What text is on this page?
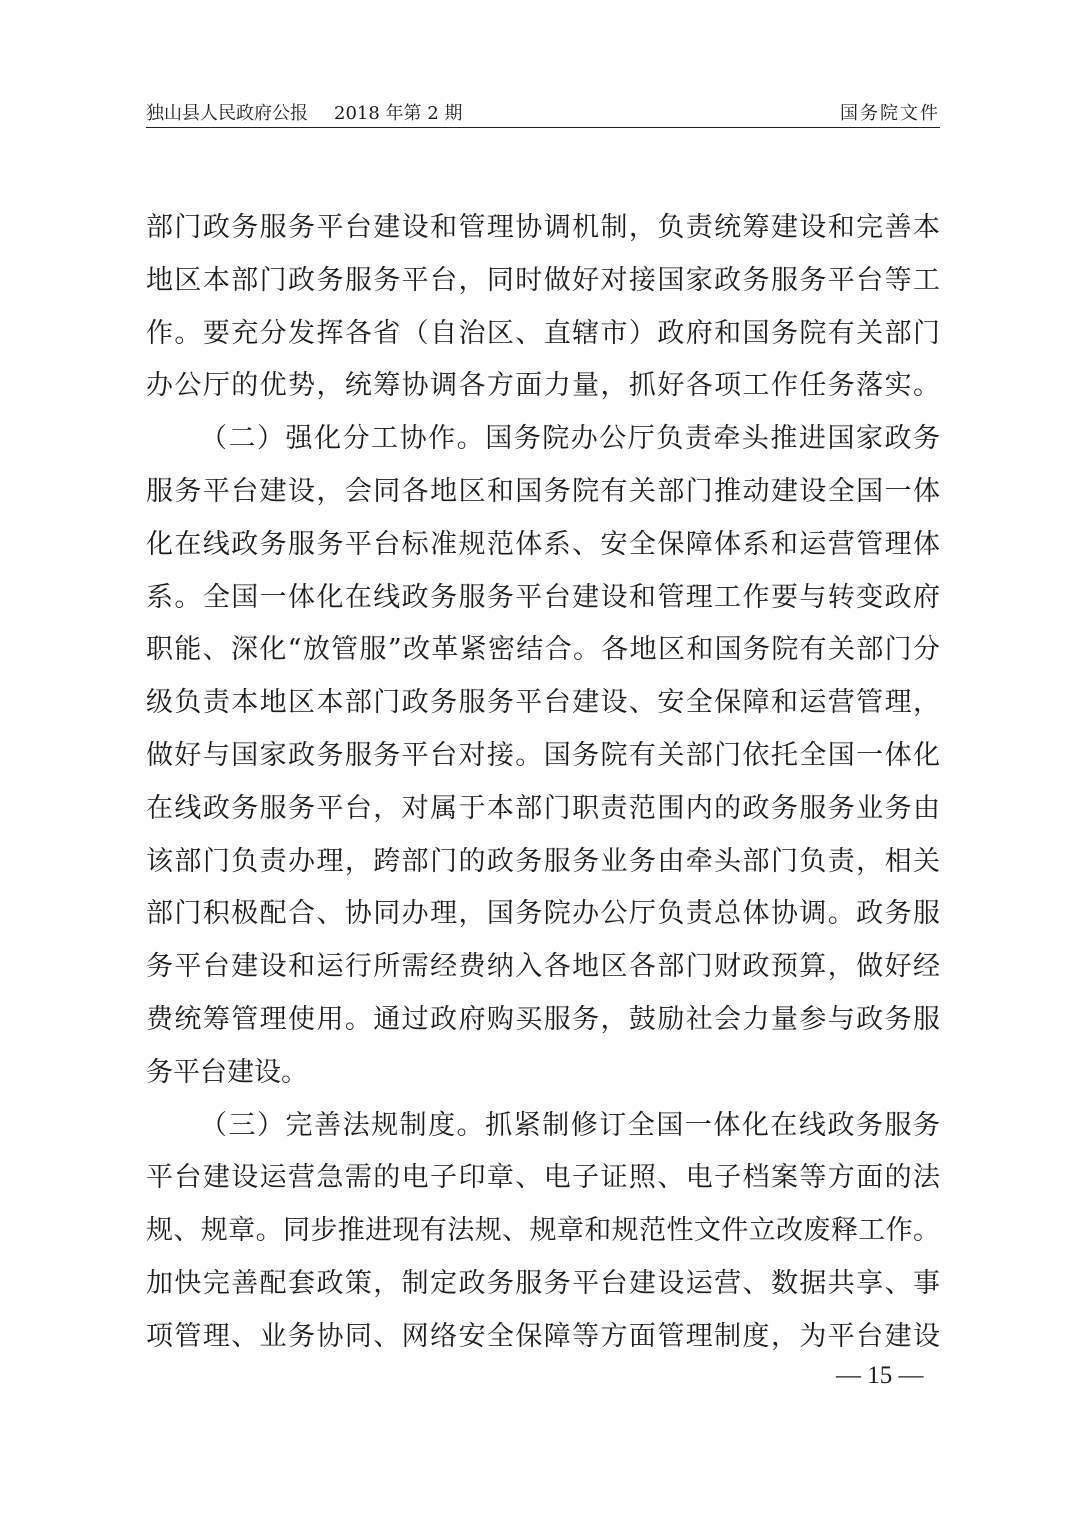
独山县人民政府公报 2018 年第 2 期	国务院文件
部门政务服务平台建设和管理协调机制，负责统筹建设和完善本
地区本部门政务服务平台，同时做好对接国家政务服务平台等工
作。要充分发挥各省（自治区、直辖市）政府和国务院有关部门
办公厅的优势，统筹协调各方面力量，抓好各项工作任务落实。
（二）强化分工协作。国务院办公厅负责牵头推进国家政务
服务平台建设，会同各地区和国务院有关部门推动建设全国一体
化在线政务服务平台标准规范体系、安全保障体系和运营管理体
系。全国一体化在线政务服务平台建设和管理工作要与转变政府
职能、深化“放管服”改革紧密结合。各地区和国务院有关部门分
级负责本地区本部门政务服务平台建设、安全保障和运营管理，
做好与国家政务服务平台对接。国务院有关部门依托全国一体化
在线政务服务平台，对属于本部门职责范围内的政务服务业务由
该部门负责办理，跨部门的政务服务业务由牵头部门负责，相关
部门积极配合、协同办理，国务院办公厅负责总体协调。政务服
务平台建设和运行所需经费纳入各地区各部门财政预算，做好经
费统筹管理使用。通过政府购买服务，鼓励社会力量参与政务服
务平台建设。
（三）完善法规制度。抓紧制修订全国一体化在线政务服务
平台建设运营急需的电子印章、电子证照、电子档案等方面的法
规、规章。同步推进现有法规、规章和规范性文件立改废释工作。
加快完善配套政策，制定政务服务平台建设运营、数据共享、事
项管理、业务协同、网络安全保障等方面管理制度，为平台建设
— 15 —
